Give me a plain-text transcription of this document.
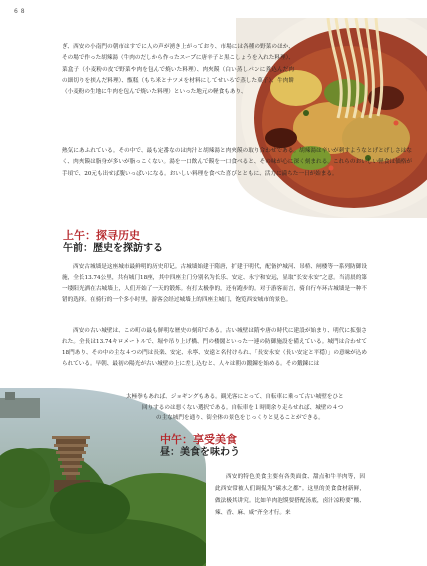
6 8

ぎ、西安の小南門の朝市はすでに人の声が湧き上がっており、市場には各種の野菜のほか、その場で作った胡辣湯（牛肉のだしから作ったスープに唐辛子と黒こしょうを入れた料理）、菜盒子（小麦粉の皮で野菜や肉を包んで焼いた料理）、肉夾饃（白い蒸しパンに煮込んだ肉の細切りを挟んだ料理）、甑糕（もち米とナツメを材料にしてせいろで蒸した菓子）、牛肉餅（小麦粉の生地に牛肉を包んで焼いた料理）といった地元の軽食もあり、

熱気にあふれている。その中で、最も定番なのは肉汁と胡辣湯と肉夾饃の取り合わせである。胡辣湯は辛いが刺すようなとげとげしさはなく、肉夾饃は脂身が多いが脂っこくない。湯を一口飲んで饃を一口食べると、その味が心に深く刻まれる。これらのおいしい軽食は価格が手頃で、20元も出せば腹いっぱいになる。おいしい料理を食べた喜びとともに、活力に満ちた一日が始まる。

上午：探寻历史
午前：歴史を探訪する

西安古城墙是这座城市最鲜明的历史印记。古城墙始建于隋唐，扩建于明代，配备护城河、吊桥、闸楼等一系列防御设施，全长13.74公里，共有城门18座，其中四座主门分别名为长乐、安定、永宁和安远，显取“长安永安”之意。当清晨的第一缕阳光洒在古城墙上，人们开始了一天的锻炼。有打太极拳的，还有跑步的。对于游客而言，骑自行车环古城墙是一种不错的选择。在骑行的一个多小时里，游客会经过城墙上的四座主城门，饱览西安城市的景色。

西安の古い城壁は、この町の最も鮮明な歴史の刻印である。古い城壁は隋や唐の時代に建設が始まり、明代に拡張された。全長は13.74キロメートルで、堀や吊り上げ橋、門の楼閣といった一連の防御施設を備えている。城門は合わせて18門あり、その中の主な４つの門は長楽、安定、永寧、安遠と名付けられ、「長安永安（長い安定と平穏）」の意味が込められている。早朝、最初の陽光が古い城壁の上に差し込むと、人々は朝の鍛錬を始める。その鍛錬には

太極拳もあれば、ジョギングもある。観光客にとって、自転車に乗って古い城壁をひと
回りするのは悪くない選択である。自転車を１時間余り走らせれば、城壁の４つ
の主な城門を通り、街全体の景色をじっくりと見ることができる。

中午：享受美食
昼：美食を味わう

西安的特色美食主要有各类面食、甜点和牛羊肉等，因此西安常被人们调侃为“碳水之都”。这里的美食食材新鲜，做法极其讲究。比如羊肉泡馍要搭配汤底，卤汁凉粉要“酸、辣、香、麻、咸”齐全才行。来
